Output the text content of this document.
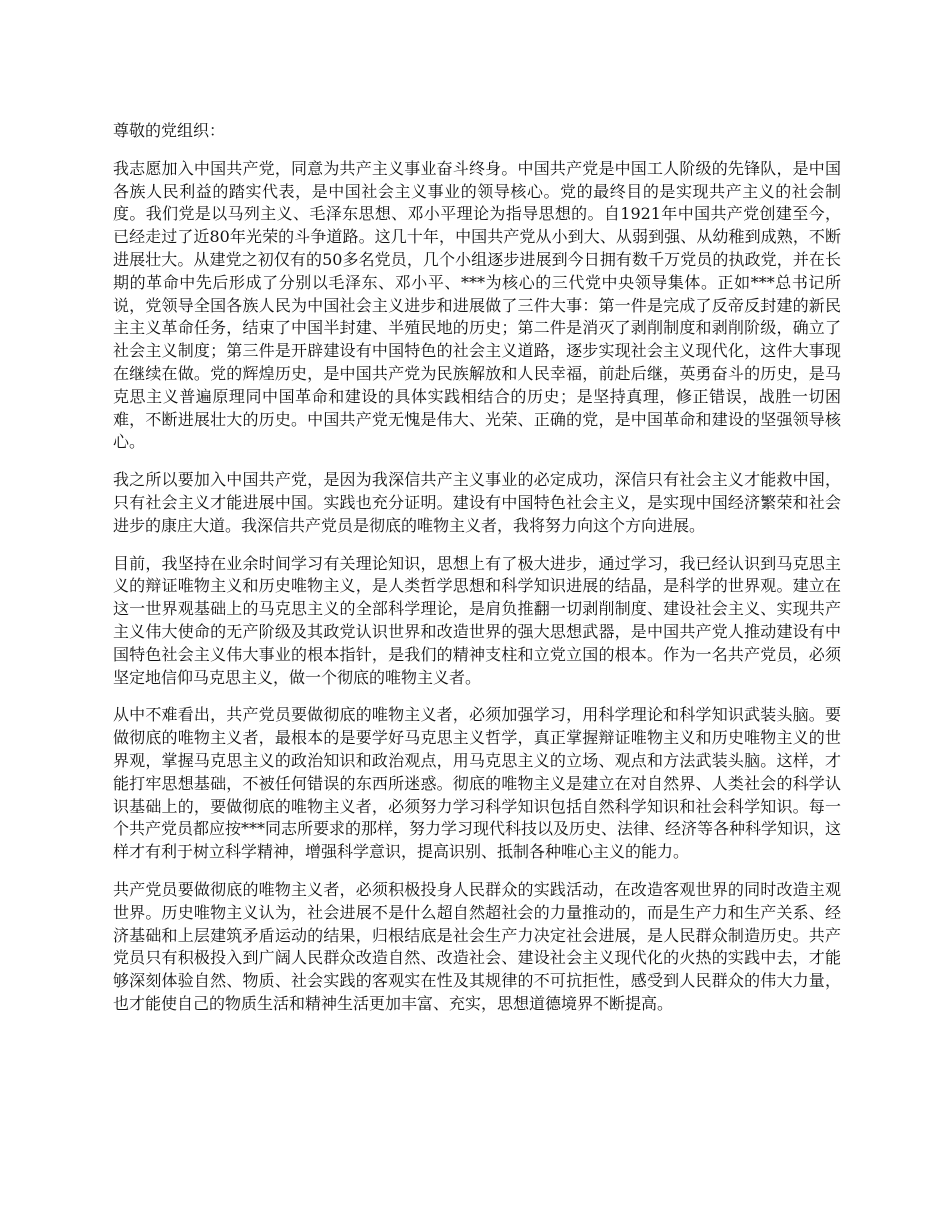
尊敬的党组织：

我志愿加入中国共产党，同意为共产主义事业奋斗终身。中国共产党是中国工人阶级的先锋队，是中国各族人民利益的踏实代表，是中国社会主义事业的领导核心。党的最终目的是实现共产主义的社会制度。我们党是以马列主义、毛泽东思想、邓小平理论为指导思想的。自1921年中国共产党创建至今，已经走过了近80年光荣的斗争道路。这几十年，中国共产党从小到大、从弱到强、从幼稚到成熟，不断进展壮大。从建党之初仅有的50多名党员，几个小组逐步进展到今日拥有数千万党员的执政党，并在长期的革命中先后形成了分别以毛泽东、邓小平、***为核心的三代党中央领导集体。正如***总书记所说，党领导全国各族人民为中国社会主义进步和进展做了三件大事：第一件是完成了反帝反封建的新民主主义革命任务，结束了中国半封建、半殖民地的历史；第二件是消灭了剥削制度和剥削阶级，确立了社会主义制度；第三件是开辟建设有中国特色的社会主义道路，逐步实现社会主义现代化，这件大事现在继续在做。党的辉煌历史，是中国共产党为民族解放和人民幸福，前赴后继，英勇奋斗的历史，是马克思主义普遍原理同中国革命和建设的具体实践相结合的历史；是坚持真理，修正错误，战胜一切困难，不断进展壮大的历史。中国共产党无愧是伟大、光荣、正确的党，是中国革命和建设的坚强领导核心。

我之所以要加入中国共产党，是因为我深信共产主义事业的必定成功，深信只有社会主义才能救中国，只有社会主义才能进展中国。实践也充分证明。建设有中国特色社会主义，是实现中国经济繁荣和社会进步的康庄大道。我深信共产党员是彻底的唯物主义者，我将努力向这个方向进展。

目前，我坚持在业余时间学习有关理论知识，思想上有了极大进步，通过学习，我已经认识到马克思主义的辩证唯物主义和历史唯物主义，是人类哲学思想和科学知识进展的结晶，是科学的世界观。建立在这一世界观基础上的马克思主义的全部科学理论，是肩负推翻一切剥削制度、建设社会主义、实现共产主义伟大使命的无产阶级及其政党认识世界和改造世界的强大思想武器，是中国共产党人推动建设有中国特色社会主义伟大事业的根本指针，是我们的精神支柱和立党立国的根本。作为一名共产党员，必须坚定地信仰马克思主义，做一个彻底的唯物主义者。

从中不难看出，共产党员要做彻底的唯物主义者，必须加强学习，用科学理论和科学知识武装头脑。要做彻底的唯物主义者，最根本的是要学好马克思主义哲学，真正掌握辩证唯物主义和历史唯物主义的世界观，掌握马克思主义的政治知识和政治观点，用马克思主义的立场、观点和方法武装头脑。这样，才能打牢思想基础，不被任何错误的东西所迷惑。彻底的唯物主义是建立在对自然界、人类社会的科学认识基础上的，要做彻底的唯物主义者，必须努力学习科学知识包括自然科学知识和社会科学知识。每一个共产党员都应按***同志所要求的那样，努力学习现代科技以及历史、法律、经济等各种科学知识，这样才有利于树立科学精神，增强科学意识，提高识别、抵制各种唯心主义的能力。

共产党员要做彻底的唯物主义者，必须积极投身人民群众的实践活动，在改造客观世界的同时改造主观世界。历史唯物主义认为，社会进展不是什么超自然超社会的力量推动的，而是生产力和生产关系、经济基础和上层建筑矛盾运动的结果，归根结底是社会生产力决定社会进展，是人民群众制造历史。共产党员只有积极投入到广阔人民群众改造自然、改造社会、建设社会主义现代化的火热的实践中去，才能够深刻体验自然、物质、社会实践的客观实在性及其规律的不可抗拒性，感受到人民群众的伟大力量，也才能使自己的物质生活和精神生活更加丰富、充实，思想道德境界不断提高。
